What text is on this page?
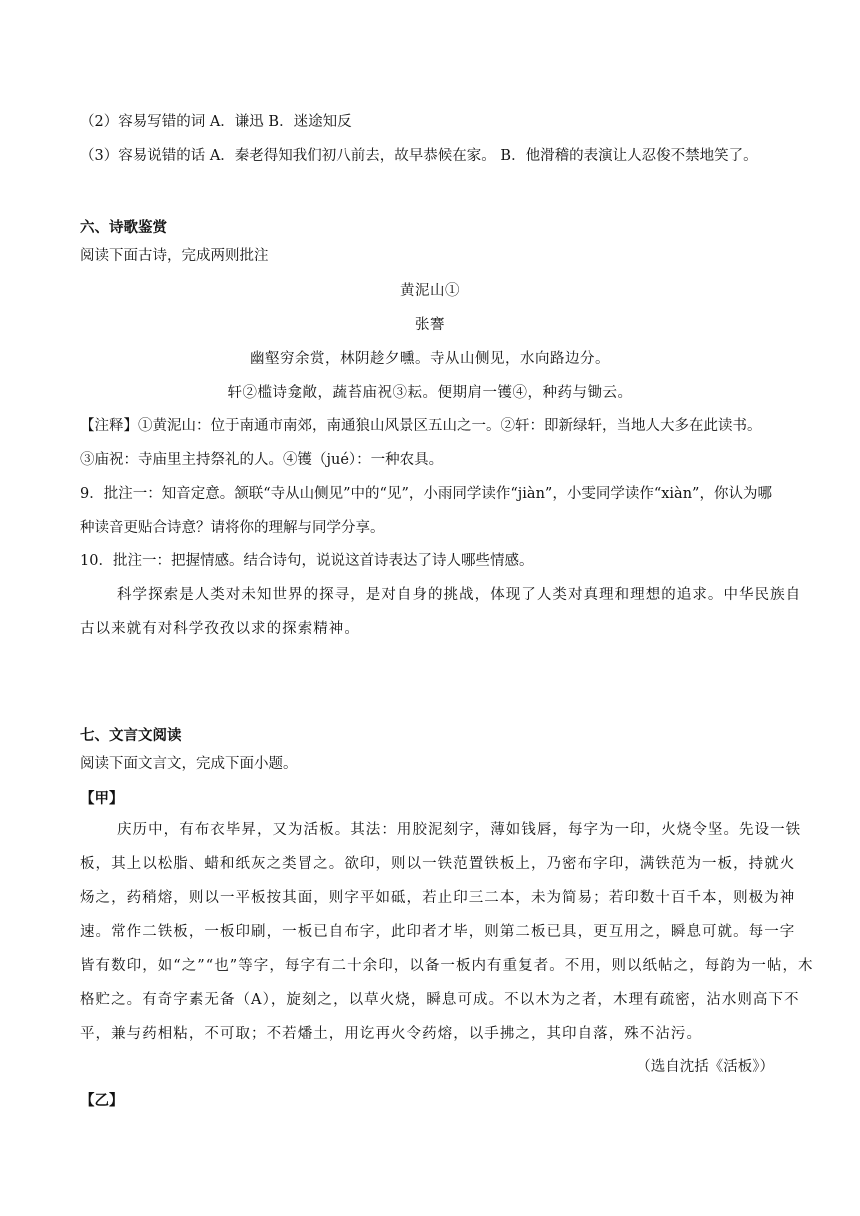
（2）容易写错的词 A．谦迅 B．迷途知反
（3）容易说错的话 A．秦老得知我们初八前去，故早恭候在家。 B．他滑稽的表演让人忍俊不禁地笑了。
六、诗歌鉴赏
阅读下面古诗，完成两则批注
黄泥山①
张謇
幽壑穷余赏，林阴趁夕曛。寺从山侧见，水向路边分。
轩②槛诗龛敞，蔬苔庙祝③耘。便期肩一镬④，种药与锄云。
【注释】①黄泥山：位于南通市南郊，南通狼山风景区五山之一。②轩：即新绿轩，当地人大多在此读书。
③庙祝：寺庙里主持祭礼的人。④镬（jué）：一种农具。
9．批注一：知音定意。颔联“寺从山侧见”中的“见”，小雨同学读作“jiàn”，小雯同学读作“xiàn”，你认为哪
种读音更贴合诗意？请将你的理解与同学分享。
10．批注一：把握情感。结合诗句，说说这首诗表达了诗人哪些情感。
科学探索是人类对未知世界的探寻，是对自身的挑战，体现了人类对真理和理想的追求。中华民族自
古以来就有对科学孜孜以求的探索精神。
七、文言文阅读
阅读下面文言文，完成下面小题。
【甲】
庆历中，有布衣毕昇，又为活板。其法：用胶泥刻字，薄如钱唇，每字为一印，火烧令坚。先设一铁
板，其上以松脂、蜡和纸灰之类冒之。欲印，则以一铁范置铁板上，乃密布字印，满铁范为一板，持就火
炀之，药稍熔，则以一平板按其面，则字平如砥，若止印三二本，未为简易；若印数十百千本，则极为神
速。常作二铁板，一板印刷，一板已自布字，此印者才毕，则第二板已具，更互用之，瞬息可就。每一字
皆有数印，如“之”“也”等字，每字有二十余印，以备一板内有重复者。不用，则以纸帖之，每韵为一帖，木
格贮之。有奇字素无备（A），旋刻之，以草火烧，瞬息可成。不以木为之者，木理有疏密，沾水则高下不
平，兼与药相粘，不可取；不若燔土，用讫再火令药熔，以手拂之，其印自落，殊不沾污。
（选自沈括《活板》）
【乙】
